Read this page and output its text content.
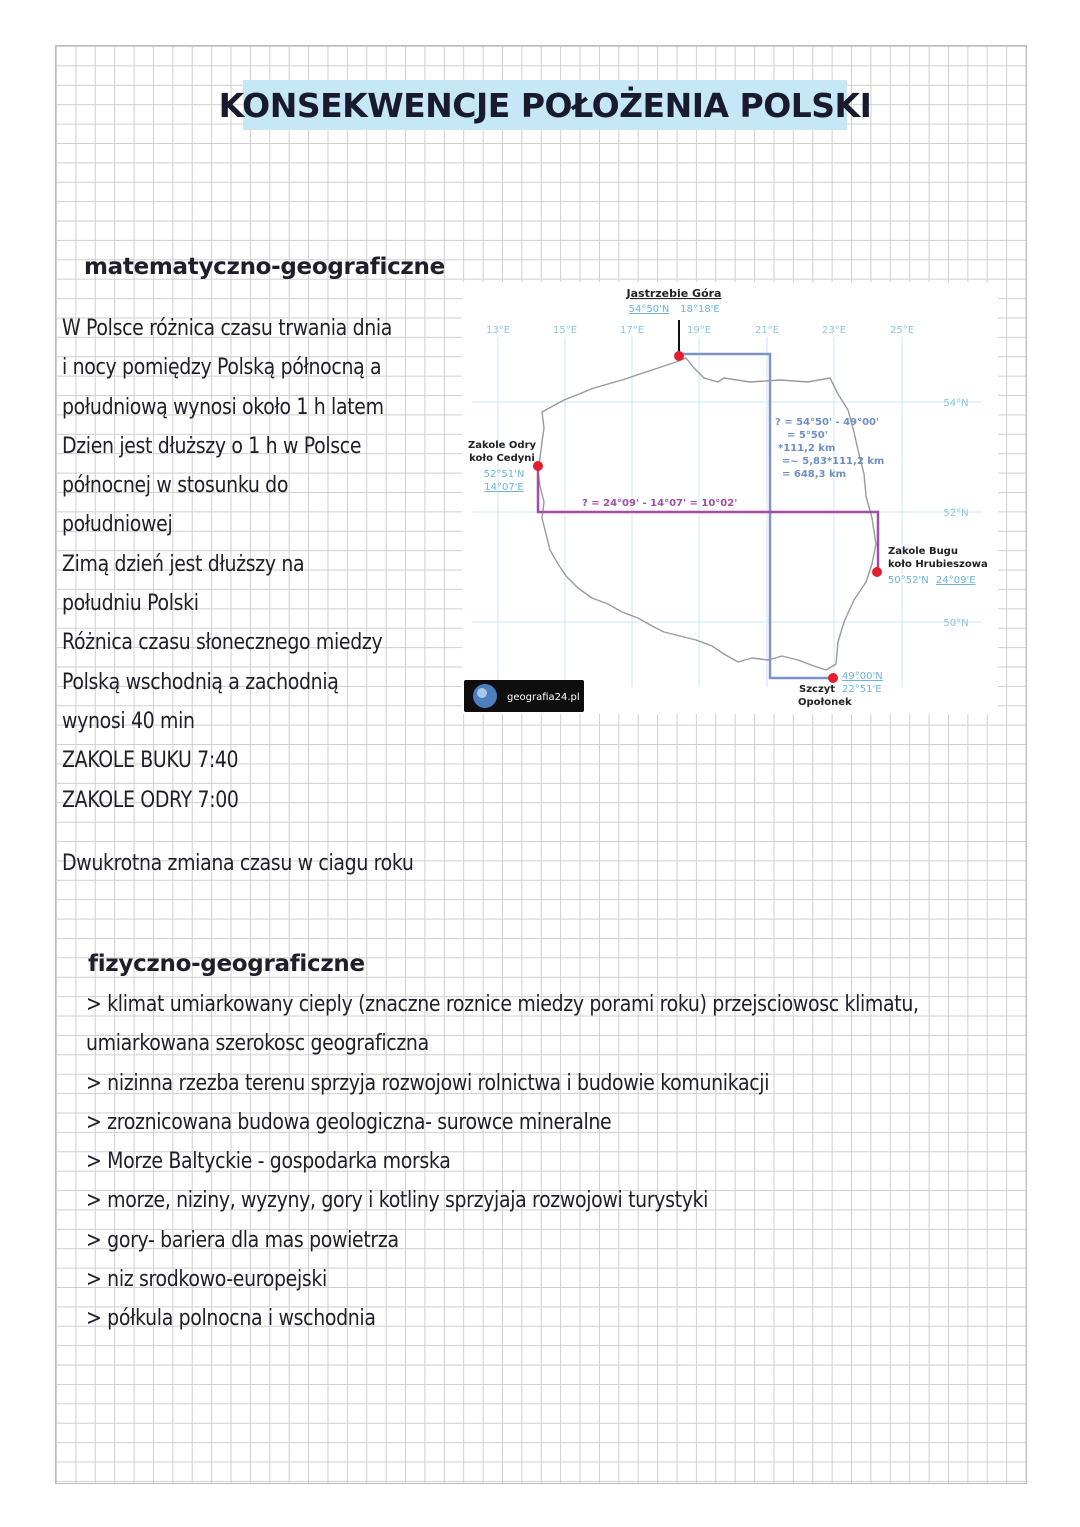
KONSEKWENCJE POŁOŻENIA POLSKI
matematyczno-geograficzne
W Polsce różnica czasu trwania dnia
i nocy pomiędzy Polską północną a
południową wynosi około 1 h latem
Dzien jest dłuższy o 1 h w Polsce
północnej w stosunku do
południowej
Zimą dzień jest dłuższy na
południu Polski
Różnica czasu słonecznego miedzy
Polską wschodnią a zachodnią
wynosi 40 min
ZAKOLE BUKU 7:40
ZAKOLE ODRY 7:00
Dwukrotna zmiana czasu w ciagu roku
13°E	15°E	17°E	19°E	21°E	23°E	25°E
54°N
52°N
50°N
Jastrzebie Góra
54°50'N 18°18'E
Zakole Odry
koło Cedyni
52°51'N
14°07'E
Zakole Bugu
koło Hrubieszowa
50°52'N 24°09'E
49°00'N
22°51'E
Szczyt
Opołonek
? = 54°50' - 49°00'
= 5°50'
*111,2 km
=~ 5,83*111,2 km
= 648,3 km
? = 24°09' - 14°07' = 10°02'
geografia24.pl
fizyczno-geograficzne
> klimat umiarkowany cieply (znaczne roznice miedzy porami roku) przejsciowosc klimatu,
umiarkowana szerokosc geograficzna
> nizinna rzezba terenu sprzyja rozwojowi rolnictwa i budowie komunikacji
> zroznicowana budowa geologiczna- surowce mineralne
> Morze Baltyckie - gospodarka morska
> morze, niziny, wyzyny, gory i kotliny sprzyjaja rozwojowi turystyki
> gory- bariera dla mas powietrza
> niz srodkowo-europejski
> półkula polnocna i wschodnia
